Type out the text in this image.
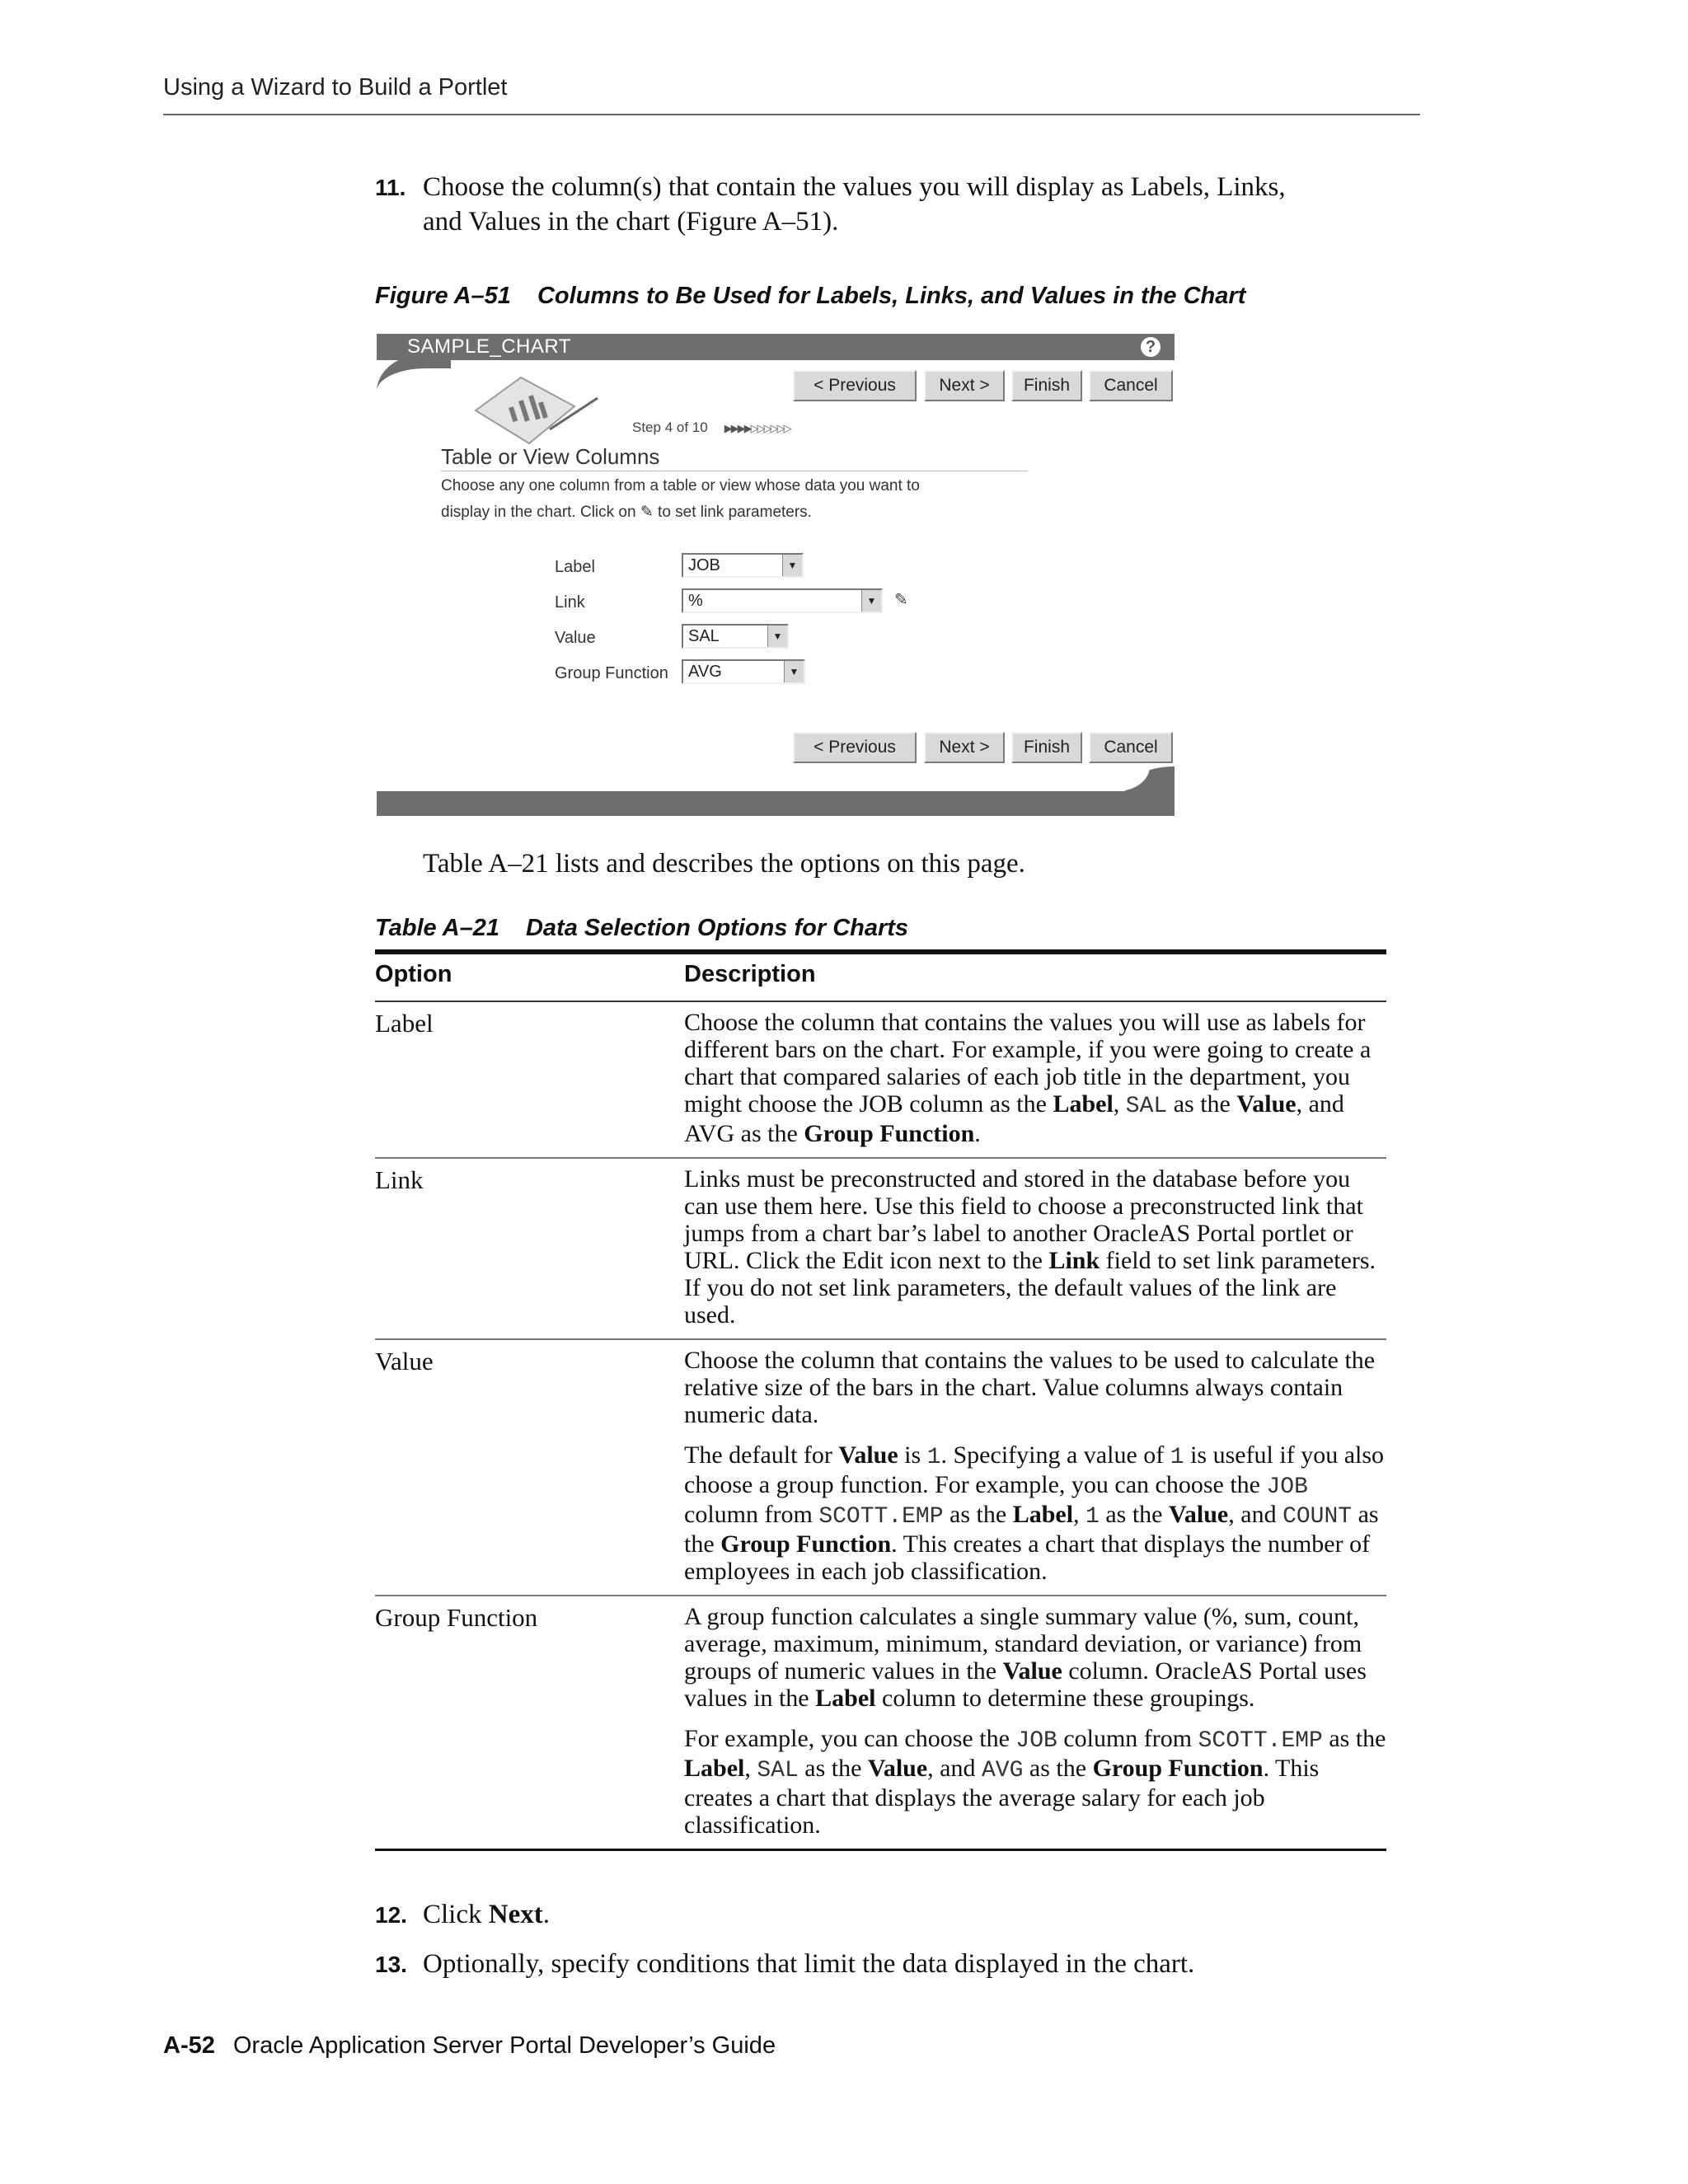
Using a Wizard to Build a Portlet
11. Choose the column(s) that contain the values you will display as Labels, Links,
and Values in the chart (Figure A–51).
Figure A–51 Columns to Be Used for Labels, Links, and Values in the Chart
SAMPLE_CHART	?
< Previous	Next >	Finish	Cancel
Step 4 of 10 ▶▶▶▶▷▷▷▷▷▷
Table or View Columns
Choose any one column from a table or view whose data you want to
display in the chart. Click on ✎ to set link parameters.
Label	JOB	▼
Link	%	▼ ✎
Value	SAL	▼
Group Function	AVG	▼
< Previous	Next >	Finish	Cancel
Table A–21 lists and describes the options on this page.
Table A–21 Data Selection Options for Charts
Option	Description
Label	Choose the column that contains the values you will use as labels for different bars on the chart. For example, if you were going to create a chart that compared salaries of each job title in the department, you might choose the JOB column as the Label, SAL as the Value, and AVG as the Group Function.

Link	Links must be preconstructed and stored in the database before you can use them here. Use this field to choose a preconstructed link that jumps from a chart bar’s label to another OracleAS Portal portlet or URL. Click the Edit icon next to the Link field to set link parameters. If you do not set link parameters, the default values of the link are used.

Value	Choose the column that contains the values to be used to calculate the relative size of the bars in the chart. Value columns always contain numeric data.

The default for Value is 1. Specifying a value of 1 is useful if you also choose a group function. For example, you can choose the JOB column from SCOTT.EMP as the Label, 1 as the Value, and COUNT as the Group Function. This creates a chart that displays the number of employees in each job classification.

Group Function	A group function calculates a single summary value (%, sum, count, average, maximum, minimum, standard deviation, or variance) from groups of numeric values in the Value column. OracleAS Portal uses values in the Label column to determine these groupings.

For example, you can choose the JOB column from SCOTT.EMP as the Label, SAL as the Value, and AVG as the Group Function. This creates a chart that displays the average salary for each job classification.

12. Click Next.
13. Optionally, specify conditions that limit the data displayed in the chart.
A-52 Oracle Application Server Portal Developer’s Guide
